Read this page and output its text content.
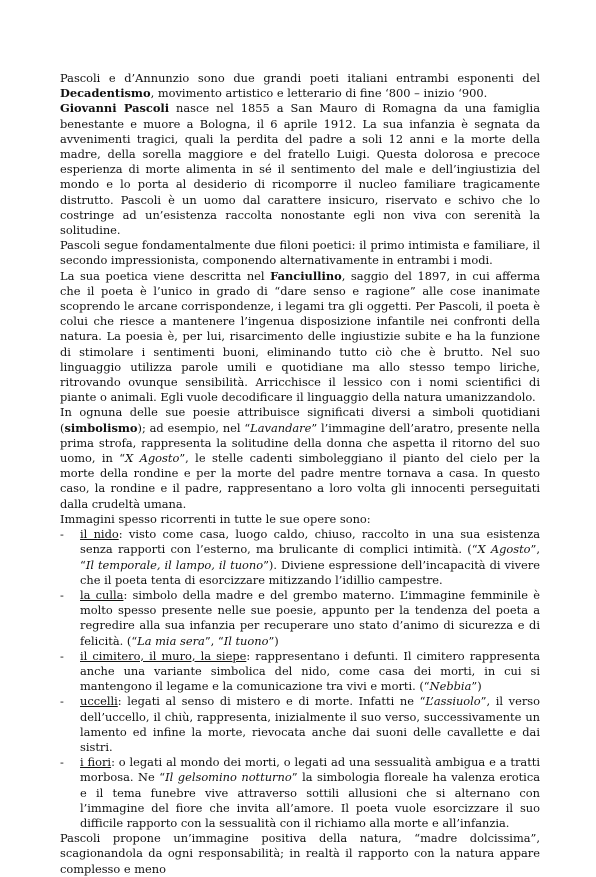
Pascoli e d’Annunzio sono due grandi poeti italiani entrambi esponenti del Decadentismo, movimento artistico e letterario di fine ‘800 – inizio ‘900.

Giovanni Pascoli nasce nel 1855 a San Mauro di Romagna da una famiglia benestante e muore a Bologna, il 6 aprile 1912. La sua infanzia è segnata da avvenimenti tragici, quali la perdita del padre a soli 12 anni e la morte della madre, della sorella maggiore e del fratello Luigi. Questa dolorosa e precoce esperienza di morte alimenta in sé il sentimento del male e dell’ingiustizia del mondo e lo porta al desiderio di ricomporre il nucleo familiare tragicamente distrutto. Pascoli è un uomo dal carattere insicuro, riservato e schivo che lo costringe ad un’esistenza raccolta nonostante egli non viva con serenità la solitudine.

Pascoli segue fondamentalmente due filoni poetici: il primo intimista e familiare, il secondo impressionista, componendo alternativamente in entrambi i modi.

La sua poetica viene descritta nel Fanciullino, saggio del 1897, in cui afferma che il poeta è l’unico in grado di “dare senso e ragione” alle cose inanimate scoprendo le arcane corrispondenze, i legami tra gli oggetti. Per Pascoli, il poeta è colui che riesce a mantenere l’ingenua disposizione infantile nei confronti della natura. La poesia è, per lui, risarcimento delle ingiustizie subite e ha la funzione di stimolare i sentimenti buoni, eliminando tutto ciò che è brutto. Nel suo linguaggio utilizza parole umili e quotidiane ma allo stesso tempo liriche, ritrovando ovunque sensibilità. Arricchisce il lessico con i nomi scientifici di piante o animali. Egli vuole decodificare il linguaggio della natura umanizzandolo.

In ognuna delle sue poesie attribuisce significati diversi a simboli quotidiani (simbolismo); ad esempio, nel “Lavandare” l’immagine dell’aratro, presente nella prima strofa, rappresenta la solitudine della donna che aspetta il ritorno del suo uomo, in “X Agosto”, le stelle cadenti simboleggiano il pianto del cielo per la morte della rondine e per la morte del padre mentre tornava a casa. In questo caso, la rondine e il padre, rappresentano a loro volta gli innocenti perseguitati dalla crudeltà umana.

Immagini spesso ricorrenti in tutte le sue opere sono:

- il nido: visto come casa, luogo caldo, chiuso, raccolto in una sua esistenza senza rapporti con l’esterno, ma brulicante di complici intimità. (“X Agosto”, “Il temporale, il lampo, il tuono”). Diviene espressione dell’incapacità di vivere che il poeta tenta di esorcizzare mitizzando l’idillio campestre.
- la culla: simbolo della madre e del grembo materno. L’immagine femminile è molto spesso presente nelle sue poesie, appunto per la tendenza del poeta a regredire alla sua infanzia per recuperare uno stato d’animo di sicurezza e di felicità. (“La mia sera”, “Il tuono”)
- il cimitero, il muro, la siepe: rappresentano i defunti. Il cimitero rappresenta anche una variante simbolica del nido, come casa dei morti, in cui si mantengono il legame e la comunicazione tra vivi e morti. (“Nebbia”)
- uccelli: legati al senso di mistero e di morte. Infatti ne “L’assiuolo”, il verso dell’uccello, il chiù, rappresenta, inizialmente il suo verso, successivamente un lamento ed infine la morte, rievocata anche dai suoni delle cavallette e dai sistri.
- i fiori: o legati al mondo dei morti, o legati ad una sessualità ambigua e a tratti morbosa. Ne “Il gelsomino notturno” la simbologia floreale ha valenza erotica e il tema funebre vive attraverso sottili allusioni che si alternano con l’immagine del fiore che invita all’amore. Il poeta vuole esorcizzare il suo difficile rapporto con la sessualità con il richiamo alla morte e all’infanzia.

Pascoli propone un’immagine positiva della natura, “madre dolcissima”, scagionandola da ogni responsabilità; in realtà il rapporto con la natura appare complesso e meno
